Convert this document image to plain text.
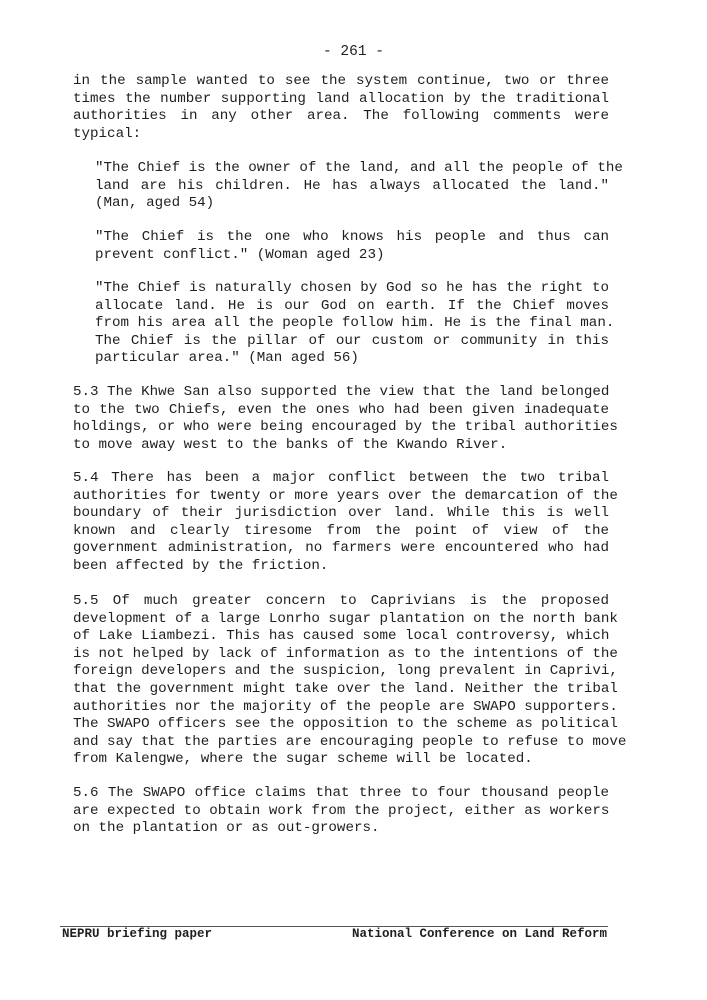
- 261 -

in the sample wanted to see the system continue, two or three
times the number supporting land allocation by the traditional
authorities in any other area. The following comments were
typical:

"The Chief is the owner of the land, and all the people of the
land are his children. He has always allocated the land."
(Man, aged 54)

"The Chief is the one who knows his people and thus can
prevent conflict." (Woman aged 23)

"The Chief is naturally chosen by God so he has the right to
allocate land. He is our God on earth. If the Chief moves
from his area all the people follow him. He is the final man.
The Chief is the pillar of our custom or community in this
particular area." (Man aged 56)

5.3 The Khwe San also supported the view that the land belonged
to the two Chiefs, even the ones who had been given inadequate
holdings, or who were being encouraged by the tribal authorities
to move away west to the banks of the Kwando River.

5.4 There has been a major conflict between the two tribal
authorities for twenty or more years over the demarcation of the
boundary of their jurisdiction over land. While this is well
known and clearly tiresome from the point of view of the
government administration, no farmers were encountered who had
been affected by the friction.

5.5 Of much greater concern to Caprivians is the proposed
development of a large Lonrho sugar plantation on the north bank
of Lake Liambezi. This has caused some local controversy, which
is not helped by lack of information as to the intentions of the
foreign developers and the suspicion, long prevalent in Caprivi,
that the government might take over the land. Neither the tribal
authorities nor the majority of the people are SWAPO supporters.
The SWAPO officers see the opposition to the scheme as political
and say that the parties are encouraging people to refuse to move
from Kalengwe, where the sugar scheme will be located.

5.6 The SWAPO office claims that three to four thousand people
are expected to obtain work from the project, either as workers
on the plantation or as out-growers.

NEPRU briefing paper	National Conference on Land Reform
